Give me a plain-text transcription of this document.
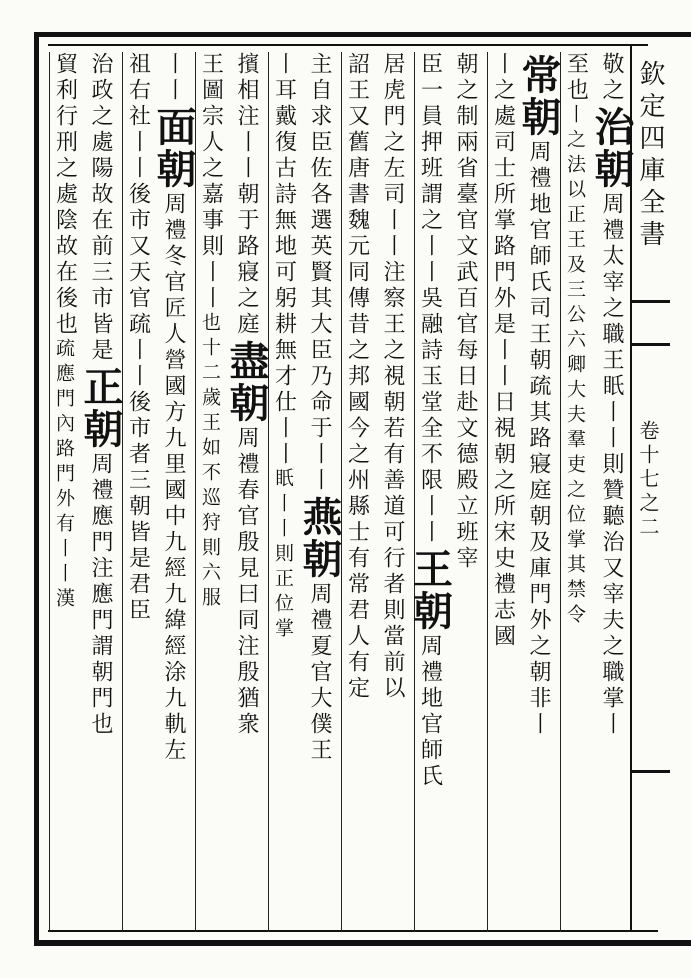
欽定四庫全書
卷十七之二
敬之
治朝
周禮太宰之職王眂丨丨則贊聽治又宰夫之職掌丨
至也
丨之法以正王及三公六卿大夫羣吏之位掌其禁令
常朝
周禮地官師氏司王朝疏其路寢庭朝及庫門外之朝非丨
丨之處司士所掌路門外是丨丨日視朝之所宋史禮志國
朝之制兩省臺官文武百官每日赴文德殿立班宰
臣一員押班謂之丨丨吳融詩玉堂全不限丨丨
王朝
周禮地官師氏
居虎門之左司丨丨注察王之視朝若有善道可行者則當前以
詔王又舊唐書魏元同傳昔之邦國今之州縣士有常君人有定
主自求臣佐各選英賢其大臣乃命于丨丨
燕朝
周禮夏官大僕王
丨耳戴復古詩無地可躬耕無才仕丨丨
眂丨丨則正位掌
擯相注丨丨朝于路寢之庭
盡朝
周禮春官殷見曰同注殷猶衆
王圖宗人之嘉事則丨丨
也十二歲王如不巡狩則六服
丨丨
面朝
周禮冬官匠人營國方九里國中九經九緯經涂九軌左
祖右社丨丨後市又天官疏丨丨後市者三朝皆是君臣
治政之處陽故在前三市皆是
正朝
周禮應門注應門謂朝門也
貿利行刑之處陰故在後也
疏應門內路門外有丨丨漢
